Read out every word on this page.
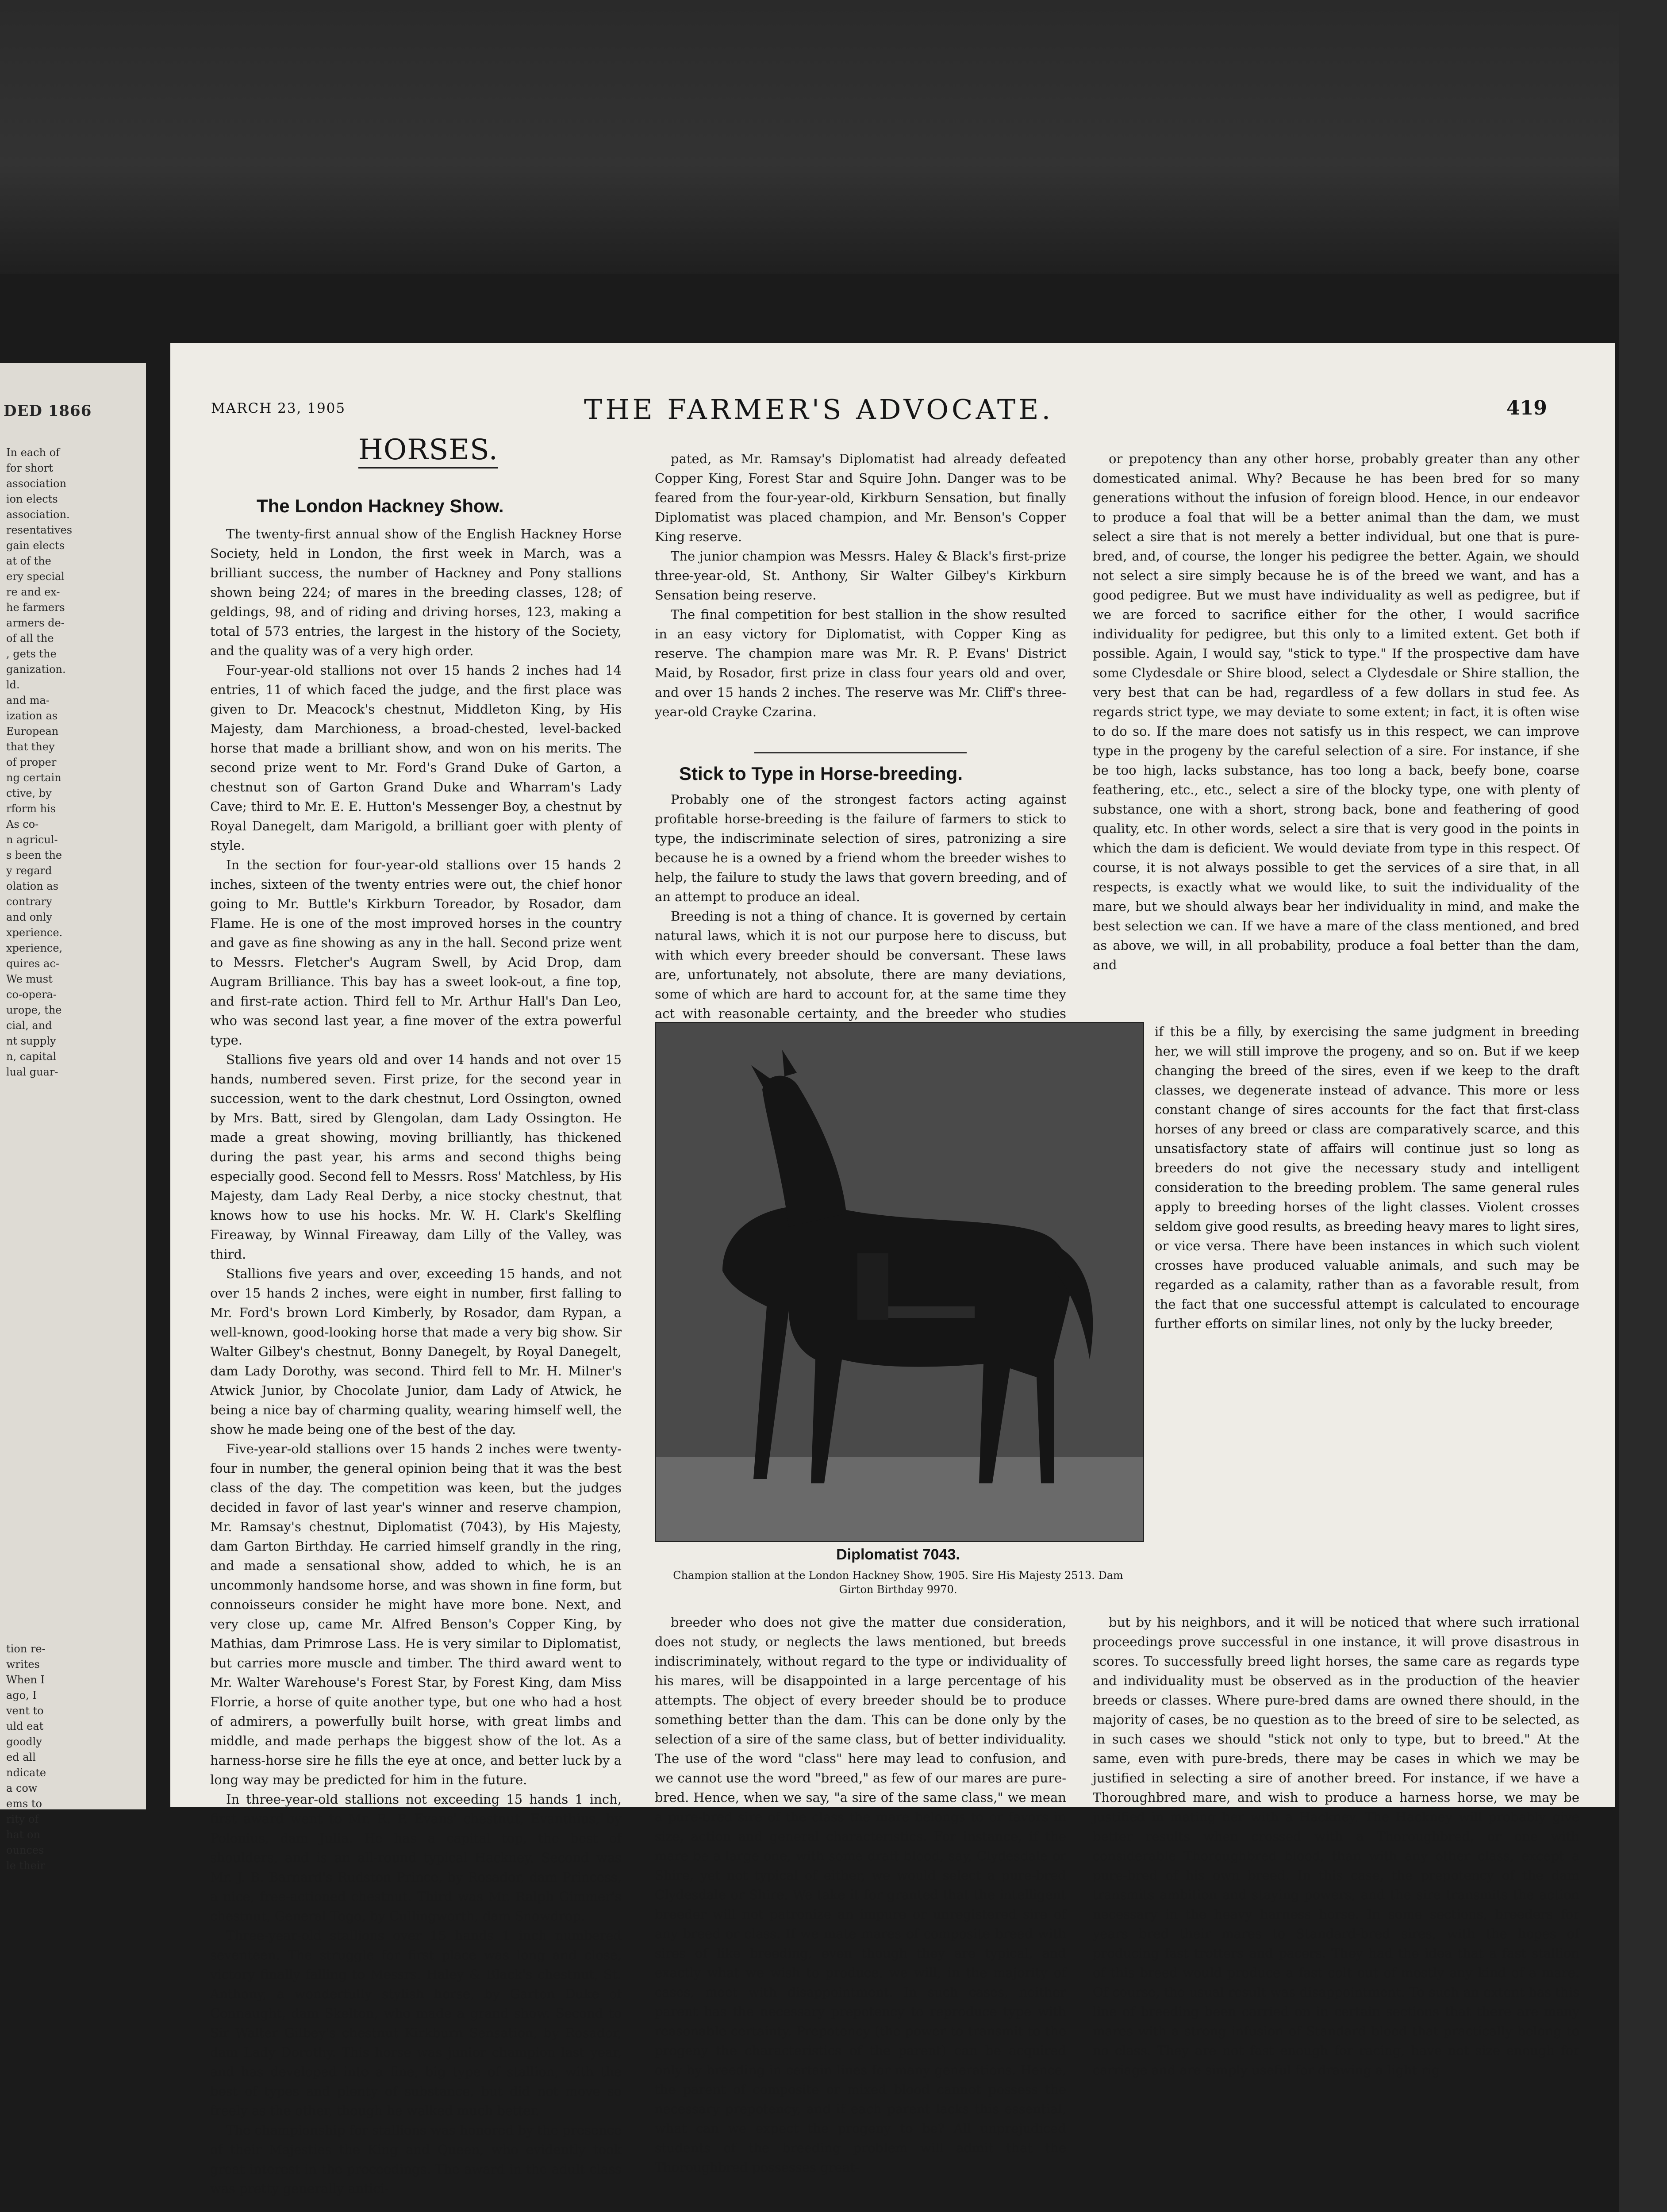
DED 1866
In each of
for short
association
ion elects
association.
resentatives
gain elects
at of the
ery special
re and ex-
he farmers
armers de-
of all the
, gets the
ganization.
ld.
and ma-
ization as
European
that they
of proper
ng certain
ctive, by
rform his
As co-
n agricul-
s been the
y regard
olation as
contrary
and only
xperience.
xperience,
quires ac-
We must
co-opera-
urope, the
cial, and
nt supply
n, capital
lual guar-
tion re-
writes
When I
ago, I
vent to
uld eat
goodly
ed all
ndicate
a cow
ems to
rity of
hat on
ounces
le their
MARCH 23, 1905	THE FARMER'S ADVOCATE.	419
HORSES.
The London Hackney Show.

The twenty-first annual show of the English Hackney Horse Society, held in London, the first week in March, was a brilliant success, the number of Hackney and Pony stallions shown being 224; of mares in the breeding classes, 128; of geldings, 98, and of riding and driving horses, 123, making a total of 573 entries, the largest in the history of the Society, and the quality was of a very high order.

Four-year-old stallions not over 15 hands 2 inches had 14 entries, 11 of which faced the judge, and the first place was given to Dr. Meacock's chestnut, Middleton King, by His Majesty, dam Marchioness, a broad-chested, level-backed horse that made a brilliant show, and won on his merits. The second prize went to Mr. Ford's Grand Duke of Garton, a chestnut son of Garton Grand Duke and Wharram's Lady Cave; third to Mr. E. E. Hutton's Messenger Boy, a chestnut by Royal Danegelt, dam Marigold, a brilliant goer with plenty of style.

In the section for four-year-old stallions over 15 hands 2 inches, sixteen of the twenty entries were out, the chief honor going to Mr. Buttle's Kirkburn Toreador, by Rosador, dam Flame. He is one of the most improved horses in the country and gave as fine showing as any in the hall. Second prize went to Messrs. Fletcher's Augram Swell, by Acid Drop, dam Augram Brilliance. This bay has a sweet look-out, a fine top, and first-rate action. Third fell to Mr. Arthur Hall's Dan Leo, who was second last year, a fine mover of the extra powerful type.

Stallions five years old and over 14 hands and not over 15 hands, numbered seven. First prize, for the second year in succession, went to the dark chestnut, Lord Ossington, owned by Mrs. Batt, sired by Glengolan, dam Lady Ossington. He made a great showing, moving brilliantly, has thickened during the past year, his arms and second thighs being especially good. Second fell to Messrs. Ross' Matchless, by His Majesty, dam Lady Real Derby, a nice stocky chestnut, that knows how to use his hocks. Mr. W. H. Clark's Skelfling Fireaway, by Winnal Fireaway, dam Lilly of the Valley, was third.

Stallions five years and over, exceeding 15 hands, and not over 15 hands 2 inches, were eight in number, first falling to Mr. Ford's brown Lord Kimberly, by Rosador, dam Rypan, a well-known, good-looking horse that made a very big show. Sir Walter Gilbey's chestnut, Bonny Danegelt, by Royal Danegelt, dam Lady Dorothy, was second. Third fell to Mr. H. Milner's Atwick Junior, by Chocolate Junior, dam Lady of Atwick, he being a nice bay of charming quality, wearing himself well, the show he made being one of the best of the day.

Five-year-old stallions over 15 hands 2 inches were twenty-four in number, the general opinion being that it was the best class of the day. The competition was keen, but the judges decided in favor of last year's winner and reserve champion, Mr. Ramsay's chestnut, Diplomatist (7043), by His Majesty, dam Garton Birthday. He carried himself grandly in the ring, and made a sensational show, added to which, he is an uncommonly handsome horse, and was shown in fine form, but connoisseurs consider he might have more bone. Next, and very close up, came Mr. Alfred Benson's Copper King, by Mathias, dam Primrose Lass. He is very similar to Diplomatist, but carries more muscle and timber. The third award went to Mr. Walter Warehouse's Forest Star, by Forest King, dam Miss Florrie, a horse of quite another type, but one who had a host of admirers, a powerfully built horse, with great limbs and middle, and made perhaps the biggest show of the lot. As a harness-horse sire he fills the eye at once, and better luck by a long way may be predicted for him in the future.

In three-year-old stallions not exceeding 15 hands 1 inch, first award went to Mr. R. P. Evans' chestnut, Evanthius, by Polonius, dam Julia. He has a capital top, the best of shoulders, and is an all-round typical Hackney. Second was Mr. J. B. Barnard's Rudston Prince, by Rosador, dam Princess, a nice, free-actioned chestnut. Third was Mr. Ralph Gimmer's chestnut, General Togo, by Cullingworth, dam Snowdrop.

Three-year-old stallions over 15 hands 1 inch numbered seventeen. The struggle for first place was long and close, victory finally falling to Messrs. Haley & Black's chestnut, St. Anthony, a wonderfully stylish horse, by Garton Duke of Connaught, dam Skelton, who made a grand show. Second to Sir Walter Gilbey's chestnut Kirkburn Sensation, by Rosador, dam Lady Dorothy. This horse was junior champion last year, and has developed into a fine, big type of stallion, with the best of types and plenty of substance, but did not move so freely as the other, though he walked much better.

The championship for stallions was honored by the presence of their Majesties the King and Queen, who evidently took great interest in the proceedings. The award in the adult class was pretty generally antici-

pated, as Mr. Ramsay's Diplomatist had already defeated Copper King, Forest Star and Squire John. Danger was to be feared from the four-year-old, Kirkburn Sensation, but finally Diplomatist was placed champion, and Mr. Benson's Copper King reserve.

The junior champion was Messrs. Haley & Black's first-prize three-year-old, St. Anthony, Sir Walter Gilbey's Kirkburn Sensation being reserve.

The final competition for best stallion in the show resulted in an easy victory for Diplomatist, with Copper King as reserve. The champion mare was Mr. R. P. Evans' District Maid, by Rosador, first prize in class four years old and over, and over 15 hands 2 inches. The reserve was Mr. Cliff's three-year-old Crayke Czarina.

Stick to Type in Horse-breeding.

Probably one of the strongest factors acting against profitable horse-breeding is the failure of farmers to stick to type, the indiscriminate selection of sires, patronizing a sire because he is a owned by a friend whom the breeder wishes to help, the failure to study the laws that govern breeding, and of an attempt to produce an ideal.

Breeding is not a thing of chance. It is governed by certain natural laws, which it is not our purpose here to discuss, but with which every breeder should be conversant. These laws are, unfortunately, not absolute, there are many deviations, some of which are hard to account for, at the same time they act with reasonable certainty, and the breeder who studies

or prepotency than any other horse, probably greater than any other domesticated animal. Why? Because he has been bred for so many generations without the infusion of foreign blood. Hence, in our endeavor to produce a foal that will be a better animal than the dam, we must select a sire that is not merely a better individual, but one that is pure-bred, and, of course, the longer his pedigree the better. Again, we should not select a sire simply because he is of the breed we want, and has a good pedigree. But we must have individuality as well as pedigree, but if we are forced to sacrifice either for the other, I would sacrifice individuality for pedigree, but this only to a limited extent. Get both if possible. Again, I would say, "stick to type." If the prospective dam have some Clydesdale or Shire blood, select a Clydesdale or Shire stallion, the very best that can be had, regardless of a few dollars in stud fee. As regards strict type, we may deviate to some extent; in fact, it is often wise to do so. If the mare does not satisfy us in this respect, we can improve type in the progeny by the careful selection of a sire. For instance, if she be too high, lacks substance, has too long a back, beefy bone, coarse feathering, etc., etc., select a sire of the blocky type, one with plenty of substance, one with a short, strong back, bone and feathering of good quality, etc. In other words, select a sire that is very good in the points in which the dam is deficient. We would deviate from type in this respect. Of course, it is not always possible to get the services of a sire that, in all respects, is exactly what we would like, to suit the individuality of the mare, but we should always bear her individuality in mind, and make the best selection we can. If we have a mare of the class mentioned, and bred as above, we will, in all probability, produce a foal better than the dam, and

Diplomatist 7043.
Champion stallion at the London Hackney Show, 1905. Sire His Majesty 2513. Dam Girton Birthday 9970.
if this be a filly, by exercising the same judgment in breeding her, we will still improve the progeny, and so on. But if we keep changing the breed of the sires, even if we keep to the draft classes, we degenerate instead of advance. This more or less constant change of sires accounts for the fact that first-class horses of any breed or class are comparatively scarce, and this unsatisfactory state of affairs will continue just so long as breeders do not give the necessary study and intelligent consideration to the breeding problem. The same general rules apply to breeding horses of the light classes. Violent crosses seldom give good results, as breeding heavy mares to light sires, or vice versa. There have been instances in which such violent crosses have produced valuable animals, and such may be regarded as a calamity, rather than as a favorable result, from the fact that one successful attempt is calculated to encourage further efforts on similar lines, not only by the lucky breeder,

breeder who does not give the matter due consideration, does not study, or neglects the laws mentioned, but breeds indiscriminately, without regard to the type or individuality of his mares, will be disappointed in a large percentage of his attempts. The object of every breeder should be to produce something better than the dam. This can be done only by the selection of a sire of the same class, but of better individuality. The use of the word "class" here may lead to confusion, and we cannot use the word "breed," as few of our mares are pure-bred. Hence, when we say, "a sire of the same class," we mean a pure-bred sire of the class the mare belongs to or favors in size, action and general characteristics. For instance, if the mare be a large one, with some draft blood, say, Clydesdale or Shire, yet not typical of either, we would select a pure-bred Clydesdale or Shire. We take it for granted that the intelligent breeder will not patronize an impure or unregistered sire of any breed or class. If we mate mares of composite breed with sires of like breeding, even though they are typical, and exactly what we wish to produce, we will, in the majority of cases, meet with disappointment. In such cases, neither parent has the necessary prepotency to reproduce type with reasonable certainty. Prepotency (the power to transmit to the progeny the characteristics of the parent) can be acquired only by breeding in certain lines for many generations. Hence, the parent of composite or mixed blood cannot possess the necessary prepotency, and if each parent lacks this essential, what can we expect the progeny to be? All unprejudiced students of the breeding problem will admit that the Thoroughbred possesses great-

but by his neighbors, and it will be noticed that where such irrational proceedings prove successful in one instance, it will prove disastrous in scores. To successfully breed light horses, the same care as regards type and individuality must be observed as in the production of the heavier breeds or classes. Where pure-bred dams are owned there should, in the majority of cases, be no question as to the breed of sire to be selected, as in such cases we should "stick not only to type, but to breed." At the same, even with pure-breds, there may be cases in which we may be justified in selecting a sire of another breed. For instance, if we have a Thoroughbred mare, and wish to produce a harness horse, we may be justified in mating her with a Hackney. The Hackney will probably give better results when crossed with a Thoroughbred, or one with considerable Thoroughbred blood, than with any other class, except a pure-bred of his own breed. In this case, the prepotency of the dam transmits ambition and staying powers, and the sire transmits the action necessary in the heavy harness horse. In some sections, breeders for years bred their mares to Standard-bred sires, with the hopes of producing fast trotters and pacers. They had the idea that a fast stallion of this breed would produce a fast colt out of mostly any kind of a mare. Of course, the usual result was disappointment. To such an extent has this line of breeding been carried on in certain sections that there are many mares with a strong infusion of Standard blood that practically belong to no class. They are not fast enough for racing, have not size enough for carriage and are simply useful for drawing a light rig
